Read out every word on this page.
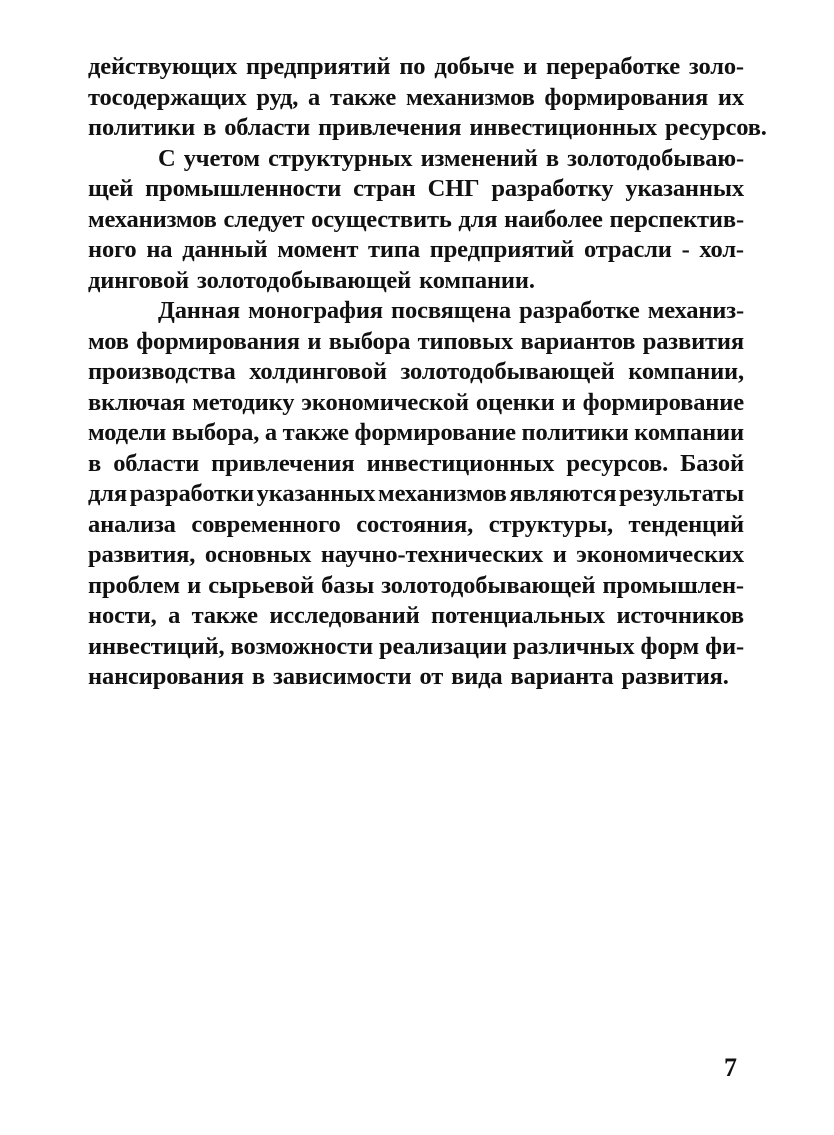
действующих предприятий по добыче и переработке золо-
тосодержащих руд, а также механизмов формирования их
политики в области привлечения инвестиционных ресурсов.
С учетом структурных изменений в золотодобываю-
щей промышленности стран СНГ разработку указанных
механизмов следует осуществить для наиболее перспектив-
ного на данный момент типа предприятий отрасли - хол-
динговой золотодобывающей компании.
Данная монография посвящена разработке механиз-
мов формирования и выбора типовых вариантов развития
производства холдинговой золотодобывающей компании,
включая методику экономической оценки и формирование
модели выбора, а также формирование политики компании
в области привлечения инвестиционных ресурсов. Базой
для разработки указанных механизмов являются результаты
анализа современного состояния, структуры, тенденций
развития, основных научно-технических и экономических
проблем и сырьевой базы золотодобывающей промышлен-
ности, а также исследований потенциальных источников
инвестиций, возможности реализации различных форм фи-
нансирования в зависимости от вида варианта развития.
7
